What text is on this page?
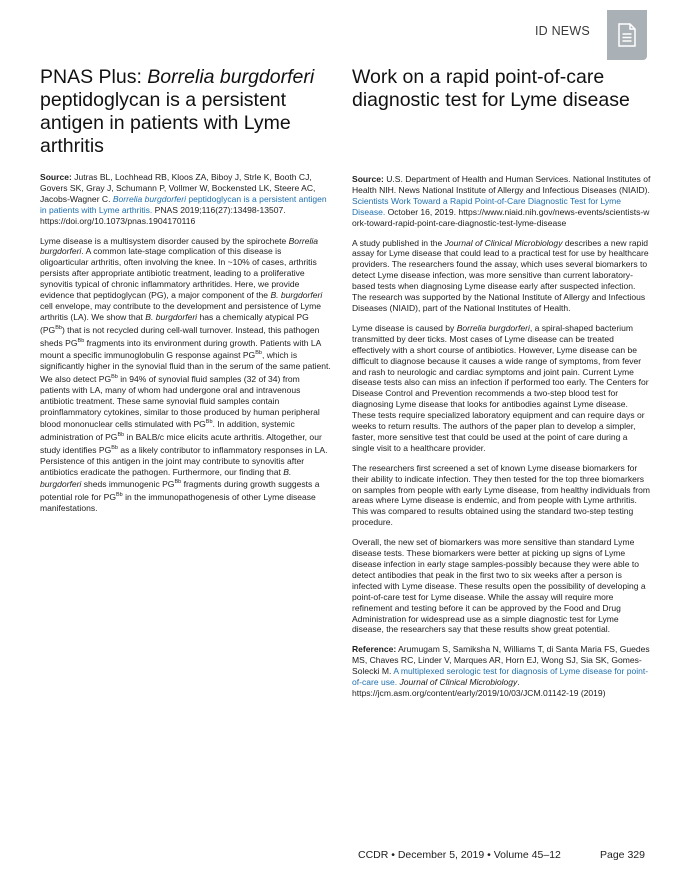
ID NEWS
PNAS Plus: Borrelia burgdorferi peptidoglycan is a persistent antigen in patients with Lyme arthritis

Source: Jutras BL, Lochhead RB, Kloos ZA, Biboy J, Strle K, Booth CJ, Govers SK, Gray J, Schumann P, Vollmer W, Bockensted LK, Steere AC, Jacobs-Wagner C. Borrelia burgdorferi peptidoglycan is a persistent antigen in patients with Lyme arthritis. PNAS 2019;116(27):13498-13507. https://doi.org/10.1073/pnas.1904170116

Lyme disease is a multisystem disorder caused by the spirochete Borrelia burgdorferi. A common late-stage complication of this disease is oligoarticular arthritis, often involving the knee. In ~10% of cases, arthritis persists after appropriate antibiotic treatment, leading to a proliferative synovitis typical of chronic inflammatory arthritides. Here, we provide evidence that peptidoglycan (PG), a major component of the B. burgdorferi cell envelope, may contribute to the development and persistence of Lyme arthritis (LA). We show that B. burgdorferi has a chemically atypical PG $(PG^{Bb})$ that is not recycled during cell-wall turnover. Instead, this pathogen sheds $PG^{Bb}$ fragments into its environment during growth. Patients with LA mount a specific immunoglobulin G response against $PG^{Bb}$, which is significantly higher in the synovial fluid than in the serum of the same patient. We also detect $PG^{Bb}$ in 94% of synovial fluid samples (32 of 34) from patients with LA, many of whom had undergone oral and intravenous antibiotic treatment. These same synovial fluid samples contain proinflammatory cytokines, similar to those produced by human peripheral blood mononuclear cells stimulated with $PG^{Bb}$. In addition, systemic administration of $PG^{Bb}$ in BALB/c mice elicits acute arthritis. Altogether, our study identifies $PG^{Bb}$ as a likely contributor to inflammatory responses in LA. Persistence of this antigen in the joint may contribute to synovitis after antibiotics eradicate the pathogen. Furthermore, our finding that B. burgdorferi sheds immunogenic $PG^{Bb}$ fragments during growth suggests a potential role for $PG^{Bb}$ in the immunopathogenesis of other Lyme disease manifestations.

Work on a rapid point-of-care diagnostic test for Lyme disease

Source: U.S. Department of Health and Human Services. National Institutes of Health NIH. News National Institute of Allergy and Infectious Diseases (NIAID). Scientists Work Toward a Rapid Point-of-Care Diagnostic Test for Lyme Disease. October 16, 2019. https://www.niaid.nih.gov/news-events/scientists-work-toward-rapid-point-care-diagnostic-test-lyme-disease

A study published in the Journal of Clinical Microbiology describes a new rapid assay for Lyme disease that could lead to a practical test for use by healthcare providers. The researchers found the assay, which uses several biomarkers to detect Lyme disease infection, was more sensitive than current laboratory-based tests when diagnosing Lyme disease early after suspected infection. The research was supported by the National Institute of Allergy and Infectious Diseases (NIAID), part of the National Institutes of Health.

Lyme disease is caused by Borrelia burgdorferi, a spiral-shaped bacterium transmitted by deer ticks. Most cases of Lyme disease can be treated effectively with a short course of antibiotics. However, Lyme disease can be difficult to diagnose because it causes a wide range of symptoms, from fever and rash to neurologic and cardiac symptoms and joint pain. Current Lyme disease tests also can miss an infection if performed too early. The Centers for Disease Control and Prevention recommends a two-step blood test for diagnosing Lyme disease that looks for antibodies against Lyme disease. These tests require specialized laboratory equipment and can require days or weeks to return results. The authors of the paper plan to develop a simpler, faster, more sensitive test that could be used at the point of care during a single visit to a healthcare provider.

The researchers first screened a set of known Lyme disease biomarkers for their ability to indicate infection. They then tested for the top three biomarkers on samples from people with early Lyme disease, from healthy individuals from areas where Lyme disease is endemic, and from people with Lyme arthritis. This was compared to results obtained using the standard two-step testing procedure.

Overall, the new set of biomarkers was more sensitive than standard Lyme disease tests. These biomarkers were better at picking up signs of Lyme disease infection in early stage samples-possibly because they were able to detect antibodies that peak in the first two to six weeks after a person is infected with Lyme disease. These results open the possibility of developing a point-of-care test for Lyme disease. While the assay will require more refinement and testing before it can be approved by the Food and Drug Administration for widespread use as a simple diagnostic test for Lyme disease, the researchers say that these results show great potential.

Reference: Arumugam S, Samiksha N, Williams T, di Santa Maria FS, Guedes MS, Chaves RC, Linder V, Marques AR, Horn EJ, Wong SJ, Sia SK, Gomes-Solecki M. A multiplexed serologic test for diagnosis of Lyme disease for point-of-care use. Journal of Clinical Microbiology. https://jcm.asm.org/content/early/2019/10/03/JCM.01142-19 (2019)

CCDR • December 5, 2019 • Volume 45–12	Page 329
